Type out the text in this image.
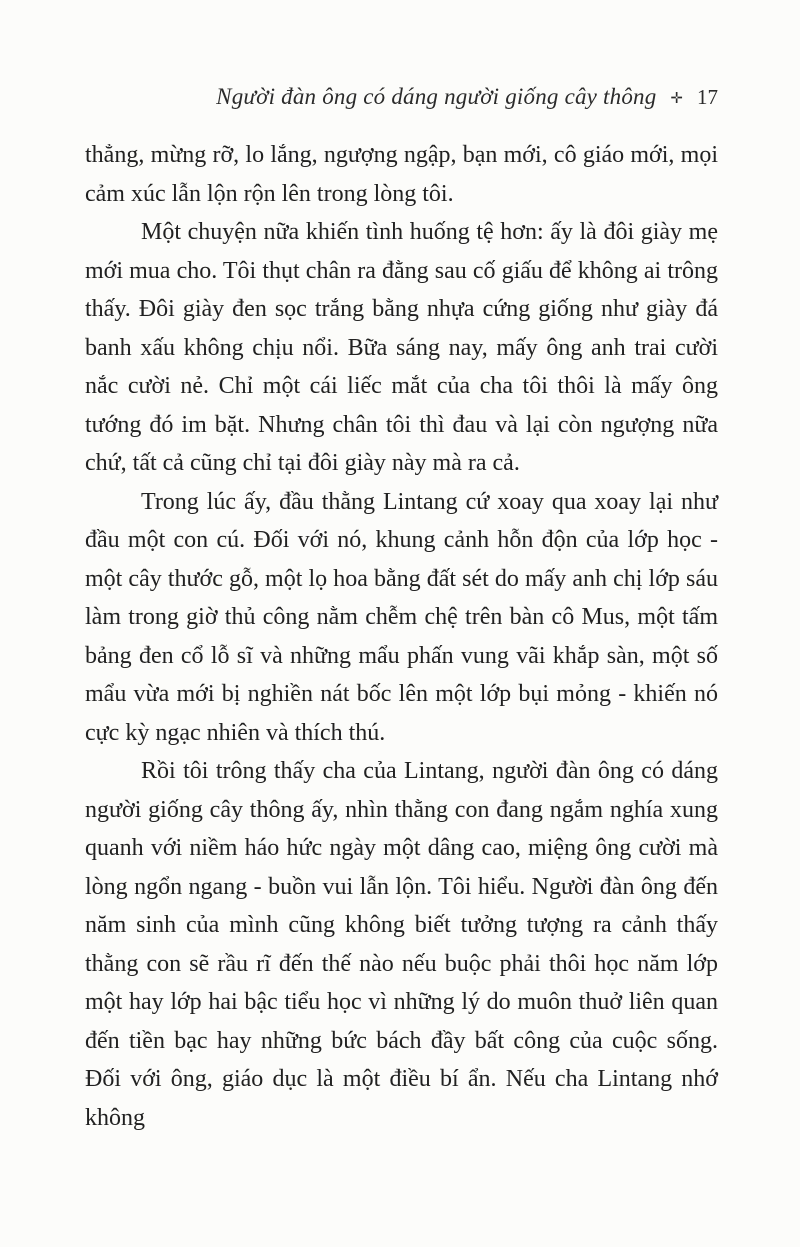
Người đàn ông có dáng người giống cây thông ✛ 17

thẳng, mừng rỡ, lo lắng, ngượng ngập, bạn mới, cô giáo mới, mọi cảm xúc lẫn lộn rộn lên trong lòng tôi.

Một chuyện nữa khiến tình huống tệ hơn: ấy là đôi giày mẹ mới mua cho. Tôi thụt chân ra đằng sau cố giấu để không ai trông thấy. Đôi giày đen sọc trắng bằng nhựa cứng giống như giày đá banh xấu không chịu nổi. Bữa sáng nay, mấy ông anh trai cười nắc cười nẻ. Chỉ một cái liếc mắt của cha tôi thôi là mấy ông tướng đó im bặt. Nhưng chân tôi thì đau và lại còn ngượng nữa chứ, tất cả cũng chỉ tại đôi giày này mà ra cả.

Trong lúc ấy, đầu thằng Lintang cứ xoay qua xoay lại như đầu một con cú. Đối với nó, khung cảnh hỗn độn của lớp học - một cây thước gỗ, một lọ hoa bằng đất sét do mấy anh chị lớp sáu làm trong giờ thủ công nằm chễm chệ trên bàn cô Mus, một tấm bảng đen cổ lỗ sĩ và những mẩu phấn vung vãi khắp sàn, một số mẩu vừa mới bị nghiền nát bốc lên một lớp bụi mỏng - khiến nó cực kỳ ngạc nhiên và thích thú.

Rồi tôi trông thấy cha của Lintang, người đàn ông có dáng người giống cây thông ấy, nhìn thằng con đang ngắm nghía xung quanh với niềm háo hức ngày một dâng cao, miệng ông cười mà lòng ngổn ngang - buồn vui lẫn lộn. Tôi hiểu. Người đàn ông đến năm sinh của mình cũng không biết tưởng tượng ra cảnh thấy thằng con sẽ rầu rĩ đến thế nào nếu buộc phải thôi học năm lớp một hay lớp hai bậc tiểu học vì những lý do muôn thuở liên quan đến tiền bạc hay những bức bách đầy bất công của cuộc sống. Đối với ông, giáo dục là một điều bí ẩn. Nếu cha Lintang nhớ không
